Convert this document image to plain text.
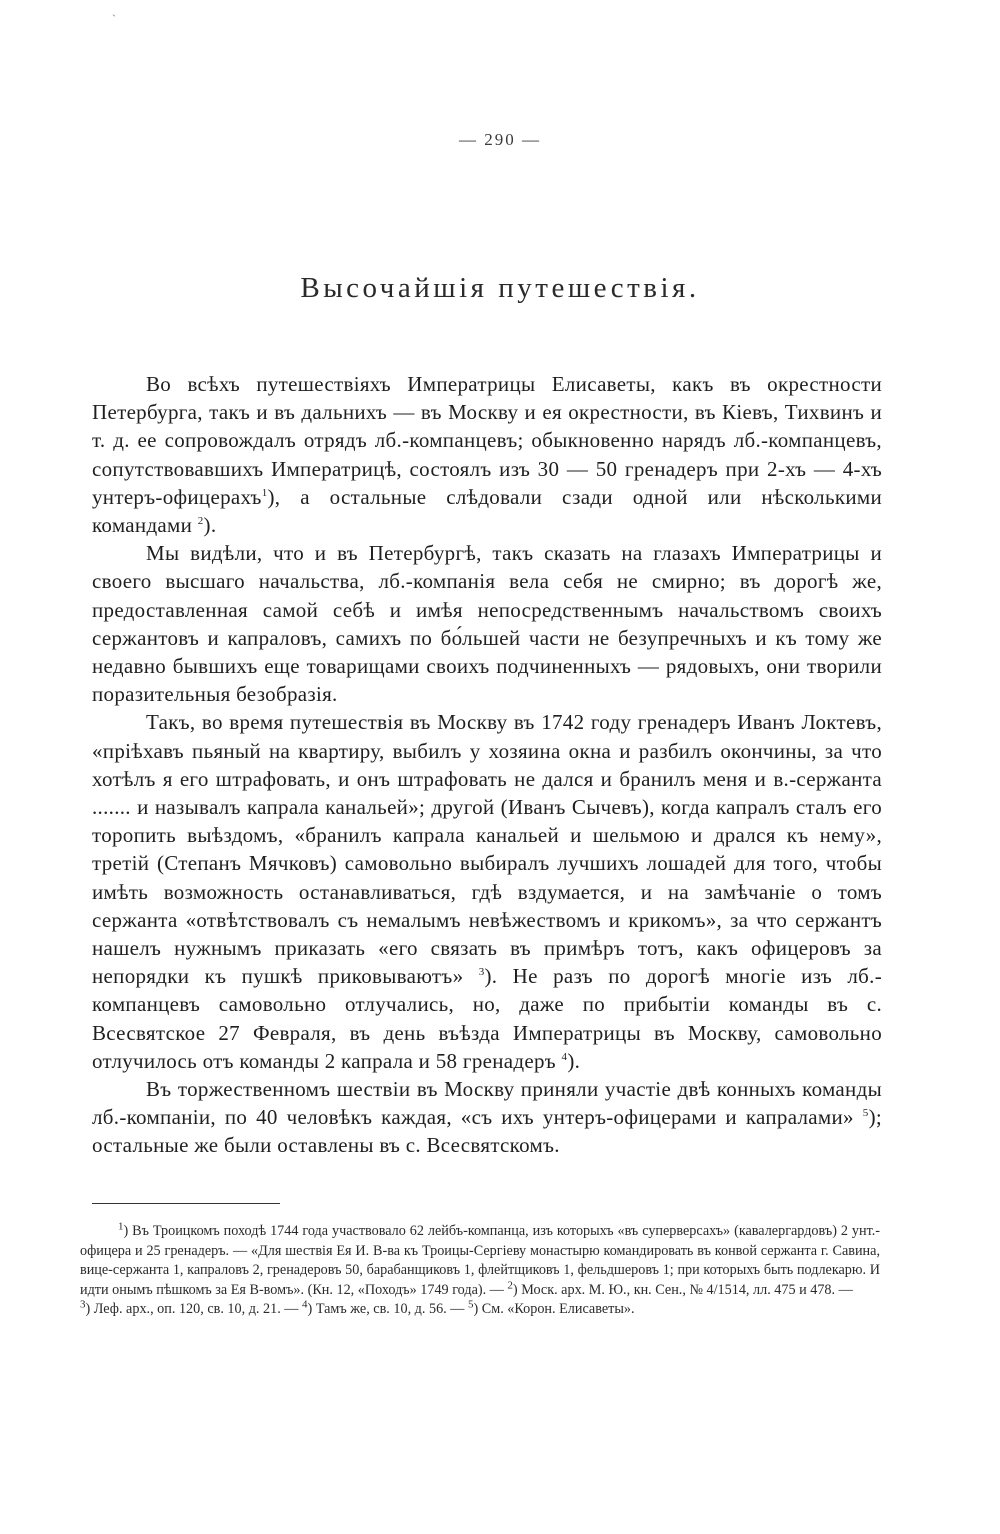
ˋ
— 290 —
Высочайшія путешествія.

Во всѣхъ путешествіяхъ Императрицы Елисаветы, какъ въ окрестности Петербурга, такъ и въ дальнихъ — въ Москву и ея окрестности, въ Кіевъ, Тихвинъ и т. д. ее сопровождалъ отрядъ лб.-компанцевъ; обыкновенно нарядъ лб.-компанцевъ, сопутствовавшихъ Императрицѣ, состоялъ изъ 30 — 50 гренадеръ при 2-хъ — 4-хъ унтеръ-офицерахъ$^1$), а остальные слѣдовали сзади одной или нѣсколькими командами $^2$).

Мы видѣли, что и въ Петербургѣ, такъ сказать на глазахъ Императрицы и своего высшаго начальства, лб.-компанія вела себя не смирно; въ дорогѣ же, предоставленная самой себѣ и имѣя непосредственнымъ начальствомъ своихъ сержантовъ и капраловъ, самихъ по бо́льшей части не безупречныхъ и къ тому же недавно бывшихъ еще товарищами своихъ подчиненныхъ — рядовыхъ, они творили поразительныя безобразія.

Такъ, во время путешествія въ Москву въ 1742 году гренадеръ Иванъ Локтевъ, «пріѣхавъ пьяный на квартиру, выбилъ у хозяина окна и разбилъ окончины, за что хотѣлъ я его штрафовать, и онъ штрафовать не дался и бранилъ меня и в.-сержанта ....... и называлъ капрала канальей»; другой (Иванъ Сычевъ), когда капралъ сталъ его торопить выѣздомъ, «бранилъ капрала канальей и шельмою и дрался къ нему», третій (Степанъ Мячковъ) самовольно выбиралъ лучшихъ лошадей для того, чтобы имѣть возможность останавливаться, гдѣ вздумается, и на замѣчаніе о томъ сержанта «отвѣтствовалъ съ немалымъ невѣжествомъ и крикомъ», за что сержантъ нашелъ нужнымъ приказать «его связать въ примѣръ тотъ, какъ офицеровъ за непорядки къ пушкѣ приковываютъ» $^3$). Не разъ по дорогѣ многіе изъ лб.-компанцевъ самовольно отлучались, но, даже по прибытіи команды въ с. Всесвятское 27 Февраля, въ день въѣзда Императрицы въ Москву, самовольно отлучилось отъ команды 2 капрала и 58 гренадеръ $^4$).

Въ торжественномъ шествіи въ Москву приняли участіе двѣ конныхъ команды лб.-компаніи, по 40 человѣкъ каждая, «съ ихъ унтеръ-офицерами и капралами» $^5$); остальные же были оставлены въ с. Всесвятскомъ.

$^1$) Въ Троицкомъ походѣ 1744 года участвовало 62 лейбъ-компанца, изъ которыхъ «въ суперверсахъ» (кавалергардовъ) 2 унт.-офицера и 25 гренадеръ. — «Для шествія Ея И. В-ва къ Троицы-Сергіеву монастырю командировать въ конвой сержанта г. Савина, вице-сержанта 1, капраловъ 2, гренадеровъ 50, барабанщиковъ 1, флейтщиковъ 1, фельдшеровъ 1; при которыхъ быть подлекарю. И идти онымъ пѣшкомъ за Ея В-вомъ». (Кн. 12, «Походъ» 1749 года). — $^2$) Моск. арх. М. Ю., кн. Сен., № 4/1514, лл. 475 и 478. —
$^3$) Леф. арх., оп. 120, св. 10, д. 21. — $^4$) Тамъ же, св. 10, д. 56. — $^5$) См. «Корон. Елисаветы».
